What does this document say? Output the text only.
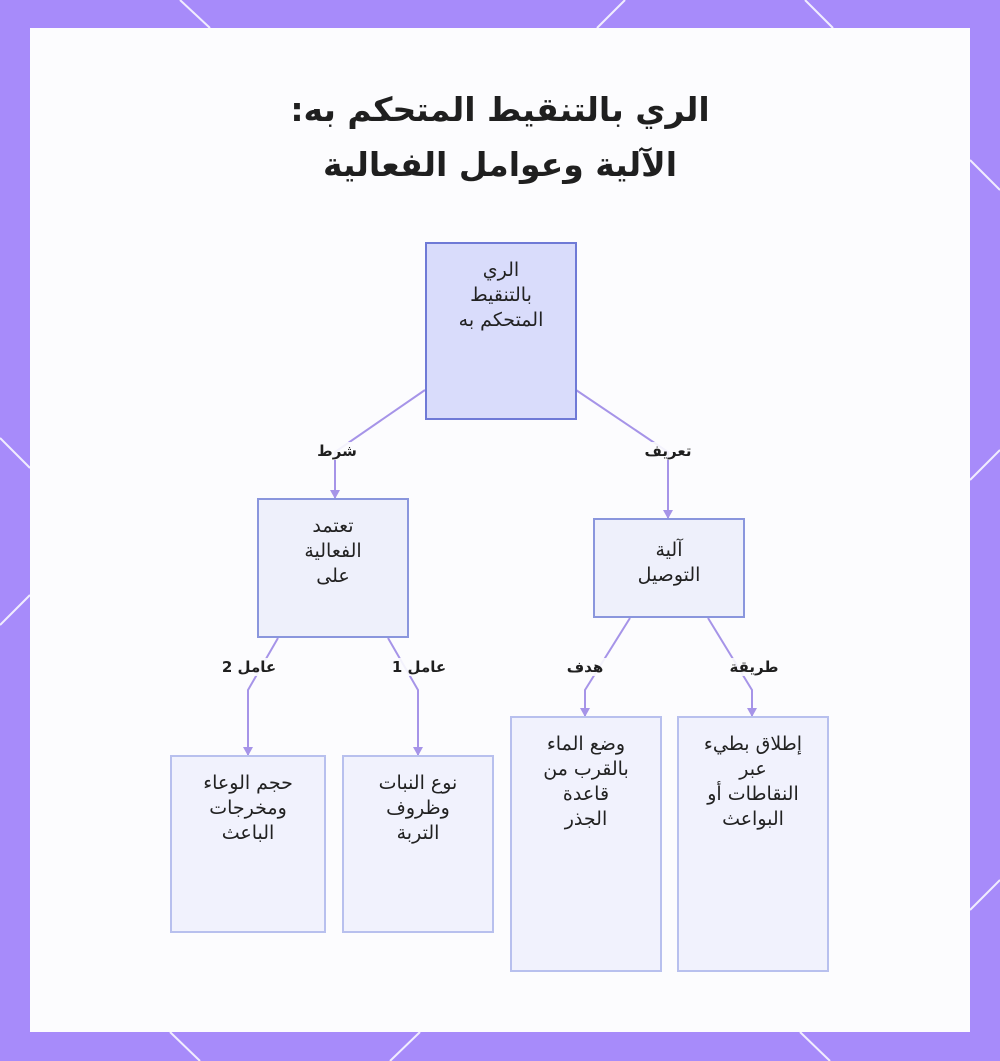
الري بالتنقيط المتحكم به:
الآلية وعوامل الفعالية
الري
بالتنقيط
المتحكم به
آلية
التوصيل
تعتمد
الفعالية
على
إطلاق بطيء
عبر
النقاطات أو
البواعث
وضع الماء
بالقرب من
قاعدة
الجذر
نوع النبات
وظروف
التربة
حجم الوعاء
ومخرجات
الباعث
تعريف
شرط
طريقة
هدف
عامل 1
عامل 2
